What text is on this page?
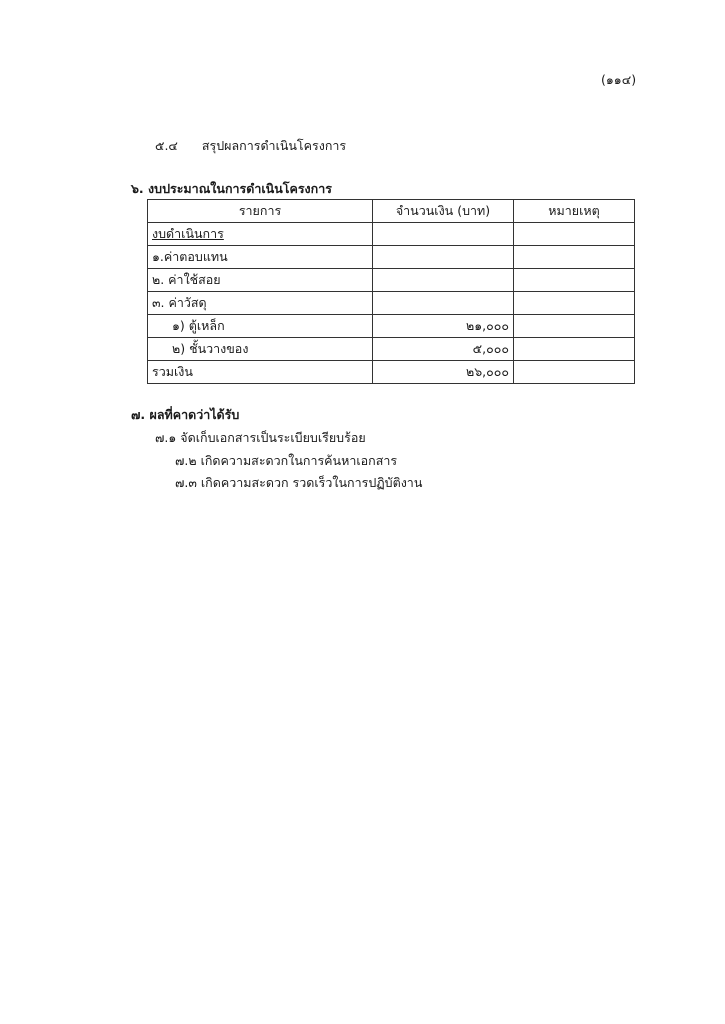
(๑๑๔)
๕.๔ สรุปผลการดำเนินโครงการ
๖. งบประมาณในการดำเนินโครงการ
รายการ	จำนวนเงิน (บาท)	หมายเหตุ
งบดำเนินการ		
๑.ค่าตอบแทน		
๒. ค่าใช้สอย		
๓. ค่าวัสดุ		
๑) ตู้เหล็ก	๒๑,๐๐๐	
๒) ชั้นวางของ	๕,๐๐๐	
รวมเงิน	๒๖,๐๐๐	
๗. ผลที่คาดว่าได้รับ
๗.๑ จัดเก็บเอกสารเป็นระเบียบเรียบร้อย
๗.๒ เกิดความสะดวกในการค้นหาเอกสาร
๗.๓ เกิดความสะดวก รวดเร็วในการปฏิบัติงาน
